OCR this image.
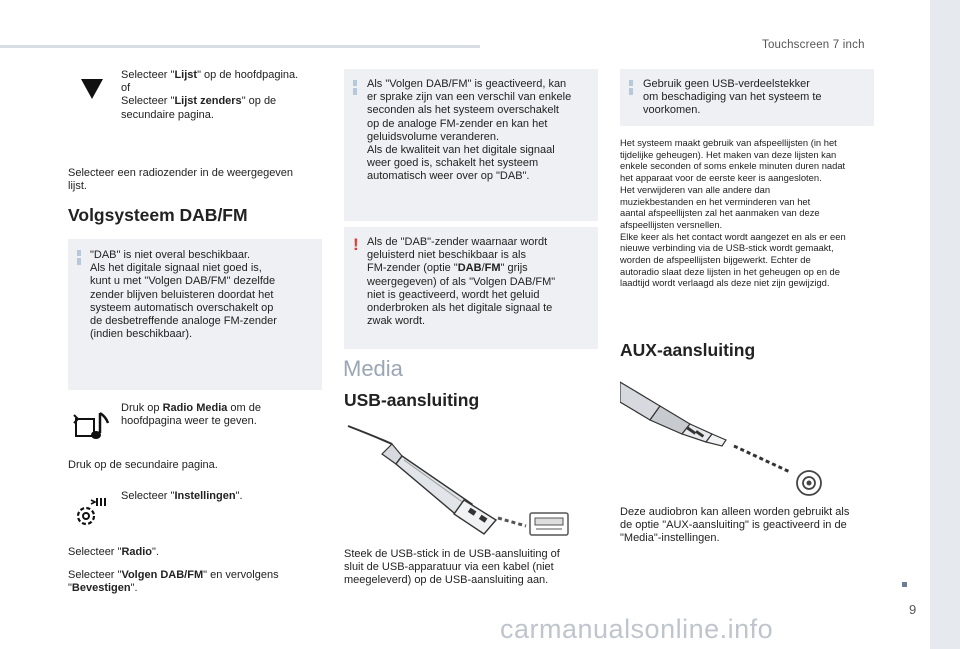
Touchscreen 7 inch
9
carmanualsonline.info
Selecteer "Lijst" op de hoofdpagina.
of
Selecteer "Lijst zenders" op de
secundaire pagina.
Selecteer een radiozender in de weergegeven
lijst.
Volgsysteem DAB/FM
"DAB" is niet overal beschikbaar.
Als het digitale signaal niet goed is,
kunt u met "Volgen DAB/FM" dezelfde
zender blijven beluisteren doordat het
systeem automatisch overschakelt op
de desbetreffende analoge FM-zender
(indien beschikbaar).
Druk op Radio Media om de
hoofdpagina weer te geven.
Druk op de secundaire pagina.
Selecteer "Instellingen".
Selecteer "Radio".
Selecteer "Volgen DAB/FM" en vervolgens
"Bevestigen".
Als "Volgen DAB/FM" is geactiveerd, kan
er sprake zijn van een verschil van enkele
seconden als het systeem overschakelt
op de analoge FM-zender en kan het
geluidsvolume veranderen.
Als de kwaliteit van het digitale signaal
weer goed is, schakelt het systeem
automatisch weer over op "DAB".
! Als de "DAB"-zender waarnaar wordt
geluisterd niet beschikbaar is als
FM-zender (optie "DAB/FM" grijs
weergegeven) of als "Volgen DAB/FM"
niet is geactiveerd, wordt het geluid
onderbroken als het digitale signaal te
zwak wordt.
Media
USB-aansluiting
Steek de USB-stick in de USB-aansluiting of
sluit de USB-apparatuur via een kabel (niet
meegeleverd) op de USB-aansluiting aan.
Gebruik geen USB-verdeelstekker
om beschadiging van het systeem te
voorkomen.
Het systeem maakt gebruik van afspeellijsten (in het
tijdelijke geheugen). Het maken van deze lijsten kan
enkele seconden of soms enkele minuten duren nadat
het apparaat voor de eerste keer is aangesloten.
Het verwijderen van alle andere dan
muziekbestanden en het verminderen van het
aantal afspeellijsten zal het aanmaken van deze
afspeellijsten versnellen.
Elke keer als het contact wordt aangezet en als er een
nieuwe verbinding via de USB-stick wordt gemaakt,
worden de afspeellijsten bijgewerkt. Echter de
autoradio slaat deze lijsten in het geheugen op en de
laadtijd wordt verlaagd als deze niet zijn gewijzigd.
AUX-aansluiting
Deze audiobron kan alleen worden gebruikt als
de optie "AUX-aansluiting" is geactiveerd in de
"Media"-instellingen.
